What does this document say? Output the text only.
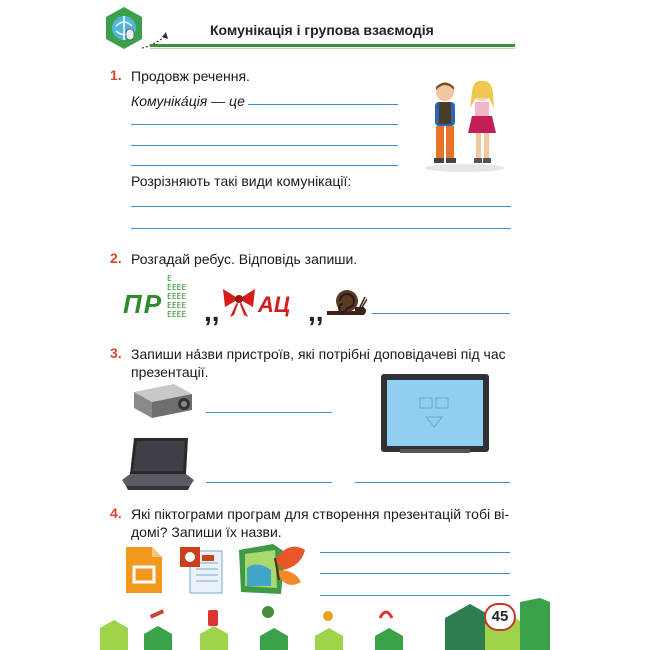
Комунікація і групова взаємодія
1. Продовж речення.
Комуніка́ція — це
Розрізняють такі види комунікації:
2. Розгадай ребус. Відповідь запиши.
ПР
E
EEEE
EEEE
EEEE
EEEE ,, АЦ ,,
3. Запиши на́зви пристроїв, які потрібні доповідачеві під час презентації.
4. Які піктограми програм для створення презентацій тобі ві-домі? Запиши їх назви.
45
